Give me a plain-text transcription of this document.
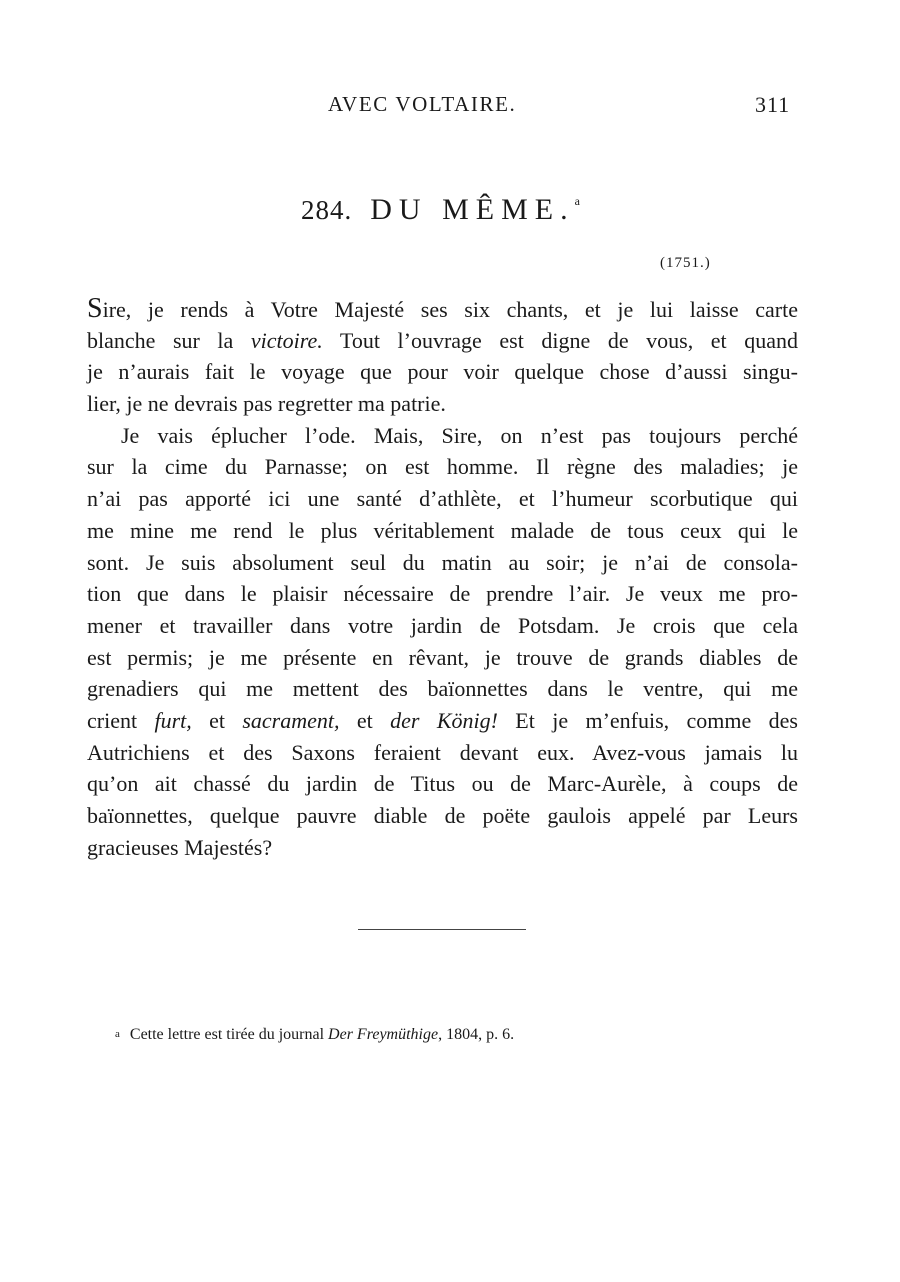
AVEC VOLTAIRE.	311
284. DU MÊME. $^a$
(1751.)
Sire, je rends à Votre Majesté ses six chants, et je lui laisse carte
blanche sur la victoire. Tout l’ouvrage est digne de vous, et quand
je n’aurais fait le voyage que pour voir quelque chose d’aussi singu-
lier, je ne devrais pas regretter ma patrie.
Je vais éplucher l’ode. Mais, Sire, on n’est pas toujours perché
sur la cime du Parnasse; on est homme. Il règne des maladies; je
n’ai pas apporté ici une santé d’athlète, et l’humeur scorbutique qui
me mine me rend le plus véritablement malade de tous ceux qui le
sont. Je suis absolument seul du matin au soir; je n’ai de consola-
tion que dans le plaisir nécessaire de prendre l’air. Je veux me pro-
mener et travailler dans votre jardin de Potsdam. Je crois que cela
est permis; je me présente en rêvant, je trouve de grands diables de
grenadiers qui me mettent des baïonnettes dans le ventre, qui me
crient furt, et sacrament, et der König! Et je m’enfuis, comme des
Autrichiens et des Saxons feraient devant eux. Avez-vous jamais lu
qu’on ait chassé du jardin de Titus ou de Marc-Aurèle, à coups de
baïonnettes, quelque pauvre diable de poëte gaulois appelé par Leurs
gracieuses Majestés?
a Cette lettre est tirée du journal Der Freymüthige, 1804, p. 6.
